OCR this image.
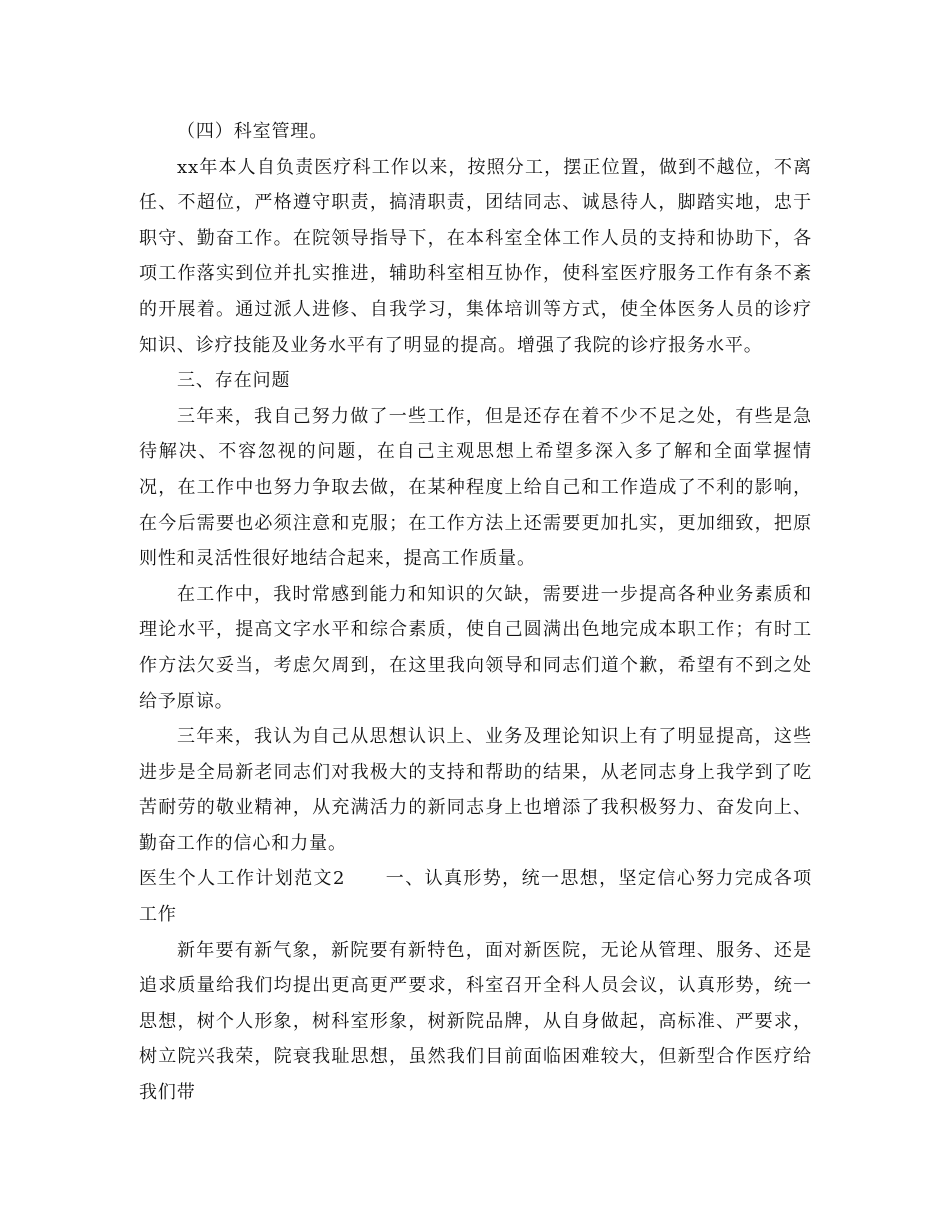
（四）科室管理。

xx年本人自负责医疗科工作以来，按照分工，摆正位置，做到不越位，不离任、不超位，严格遵守职责，搞清职责，团结同志、诚恳待人，脚踏实地，忠于职守、勤奋工作。在院领导指导下，在本科室全体工作人员的支持和协助下，各项工作落实到位并扎实推进，辅助科室相互协作，使科室医疗服务工作有条不紊的开展着。通过派人进修、自我学习，集体培训等方式，使全体医务人员的诊疗知识、诊疗技能及业务水平有了明显的提高。增强了我院的诊疗报务水平。

三、存在问题

三年来，我自己努力做了一些工作，但是还存在着不少不足之处，有些是急待解决、不容忽视的问题，在自己主观思想上希望多深入多了解和全面掌握情况，在工作中也努力争取去做，在某种程度上给自己和工作造成了不利的影响，在今后需要也必须注意和克服；在工作方法上还需要更加扎实，更加细致，把原则性和灵活性很好地结合起来，提高工作质量。

在工作中，我时常感到能力和知识的欠缺，需要进一步提高各种业务素质和理论水平，提高文字水平和综合素质，使自己圆满出色地完成本职工作；有时工作方法欠妥当，考虑欠周到，在这里我向领导和同志们道个歉，希望有不到之处给予原谅。

三年来，我认为自己从思想认识上、业务及理论知识上有了明显提高，这些进步是全局新老同志们对我极大的支持和帮助的结果，从老同志身上我学到了吃苦耐劳的敬业精神，从充满活力的新同志身上也增添了我积极努力、奋发向上、勤奋工作的信心和力量。

医生个人工作计划范文2 一、认真形势，统一思想，坚定信心努力完成各项工作

新年要有新气象，新院要有新特色，面对新医院，无论从管理、服务、还是追求质量给我们均提出更高更严要求，科室召开全科人员会议，认真形势，统一思想，树个人形象，树科室形象，树新院品牌，从自身做起，高标准、严要求，树立院兴我荣，院衰我耻思想，虽然我们目前面临困难较大，但新型合作医疗给我们带
